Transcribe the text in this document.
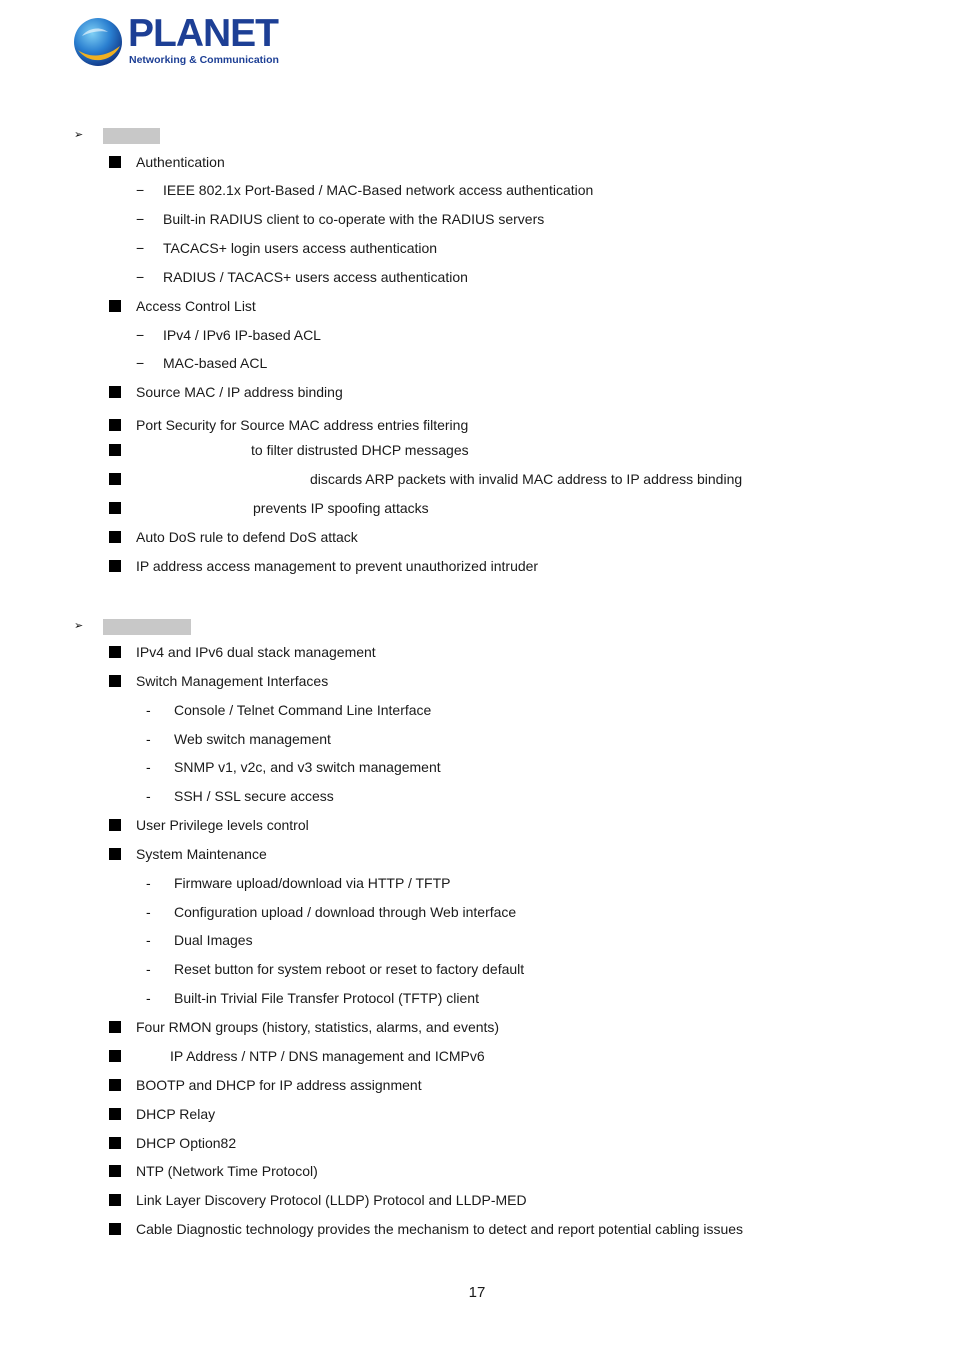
PLANET
Networking & Communication
➢
Authentication
− IEEE 802.1x Port-Based / MAC-Based network access authentication
− Built-in RADIUS client to co-operate with the RADIUS servers
− TACACS+ login users access authentication
− RADIUS / TACACS+ users access authentication
Access Control List
− IPv4 / IPv6 IP-based ACL
− MAC-based ACL
Source MAC / IP address binding
Port Security for Source MAC address entries filtering
to filter distrusted DHCP messages
discards ARP packets with invalid MAC address to IP address binding
prevents IP spoofing attacks
Auto DoS rule to defend DoS attack
IP address access management to prevent unauthorized intruder
➢
IPv4 and IPv6 dual stack management
Switch Management Interfaces
- Console / Telnet Command Line Interface
- Web switch management
- SNMP v1, v2c, and v3 switch management
- SSH / SSL secure access
User Privilege levels control
System Maintenance
- Firmware upload/download via HTTP / TFTP
- Configuration upload / download through Web interface
- Dual Images
- Reset button for system reboot or reset to factory default
- Built-in Trivial File Transfer Protocol (TFTP) client
Four RMON groups (history, statistics, alarms, and events)
IP Address / NTP / DNS management and ICMPv6
BOOTP and DHCP for IP address assignment
DHCP Relay
DHCP Option82
NTP (Network Time Protocol)
Link Layer Discovery Protocol (LLDP) Protocol and LLDP-MED
Cable Diagnostic technology provides the mechanism to detect and report potential cabling issues
17
